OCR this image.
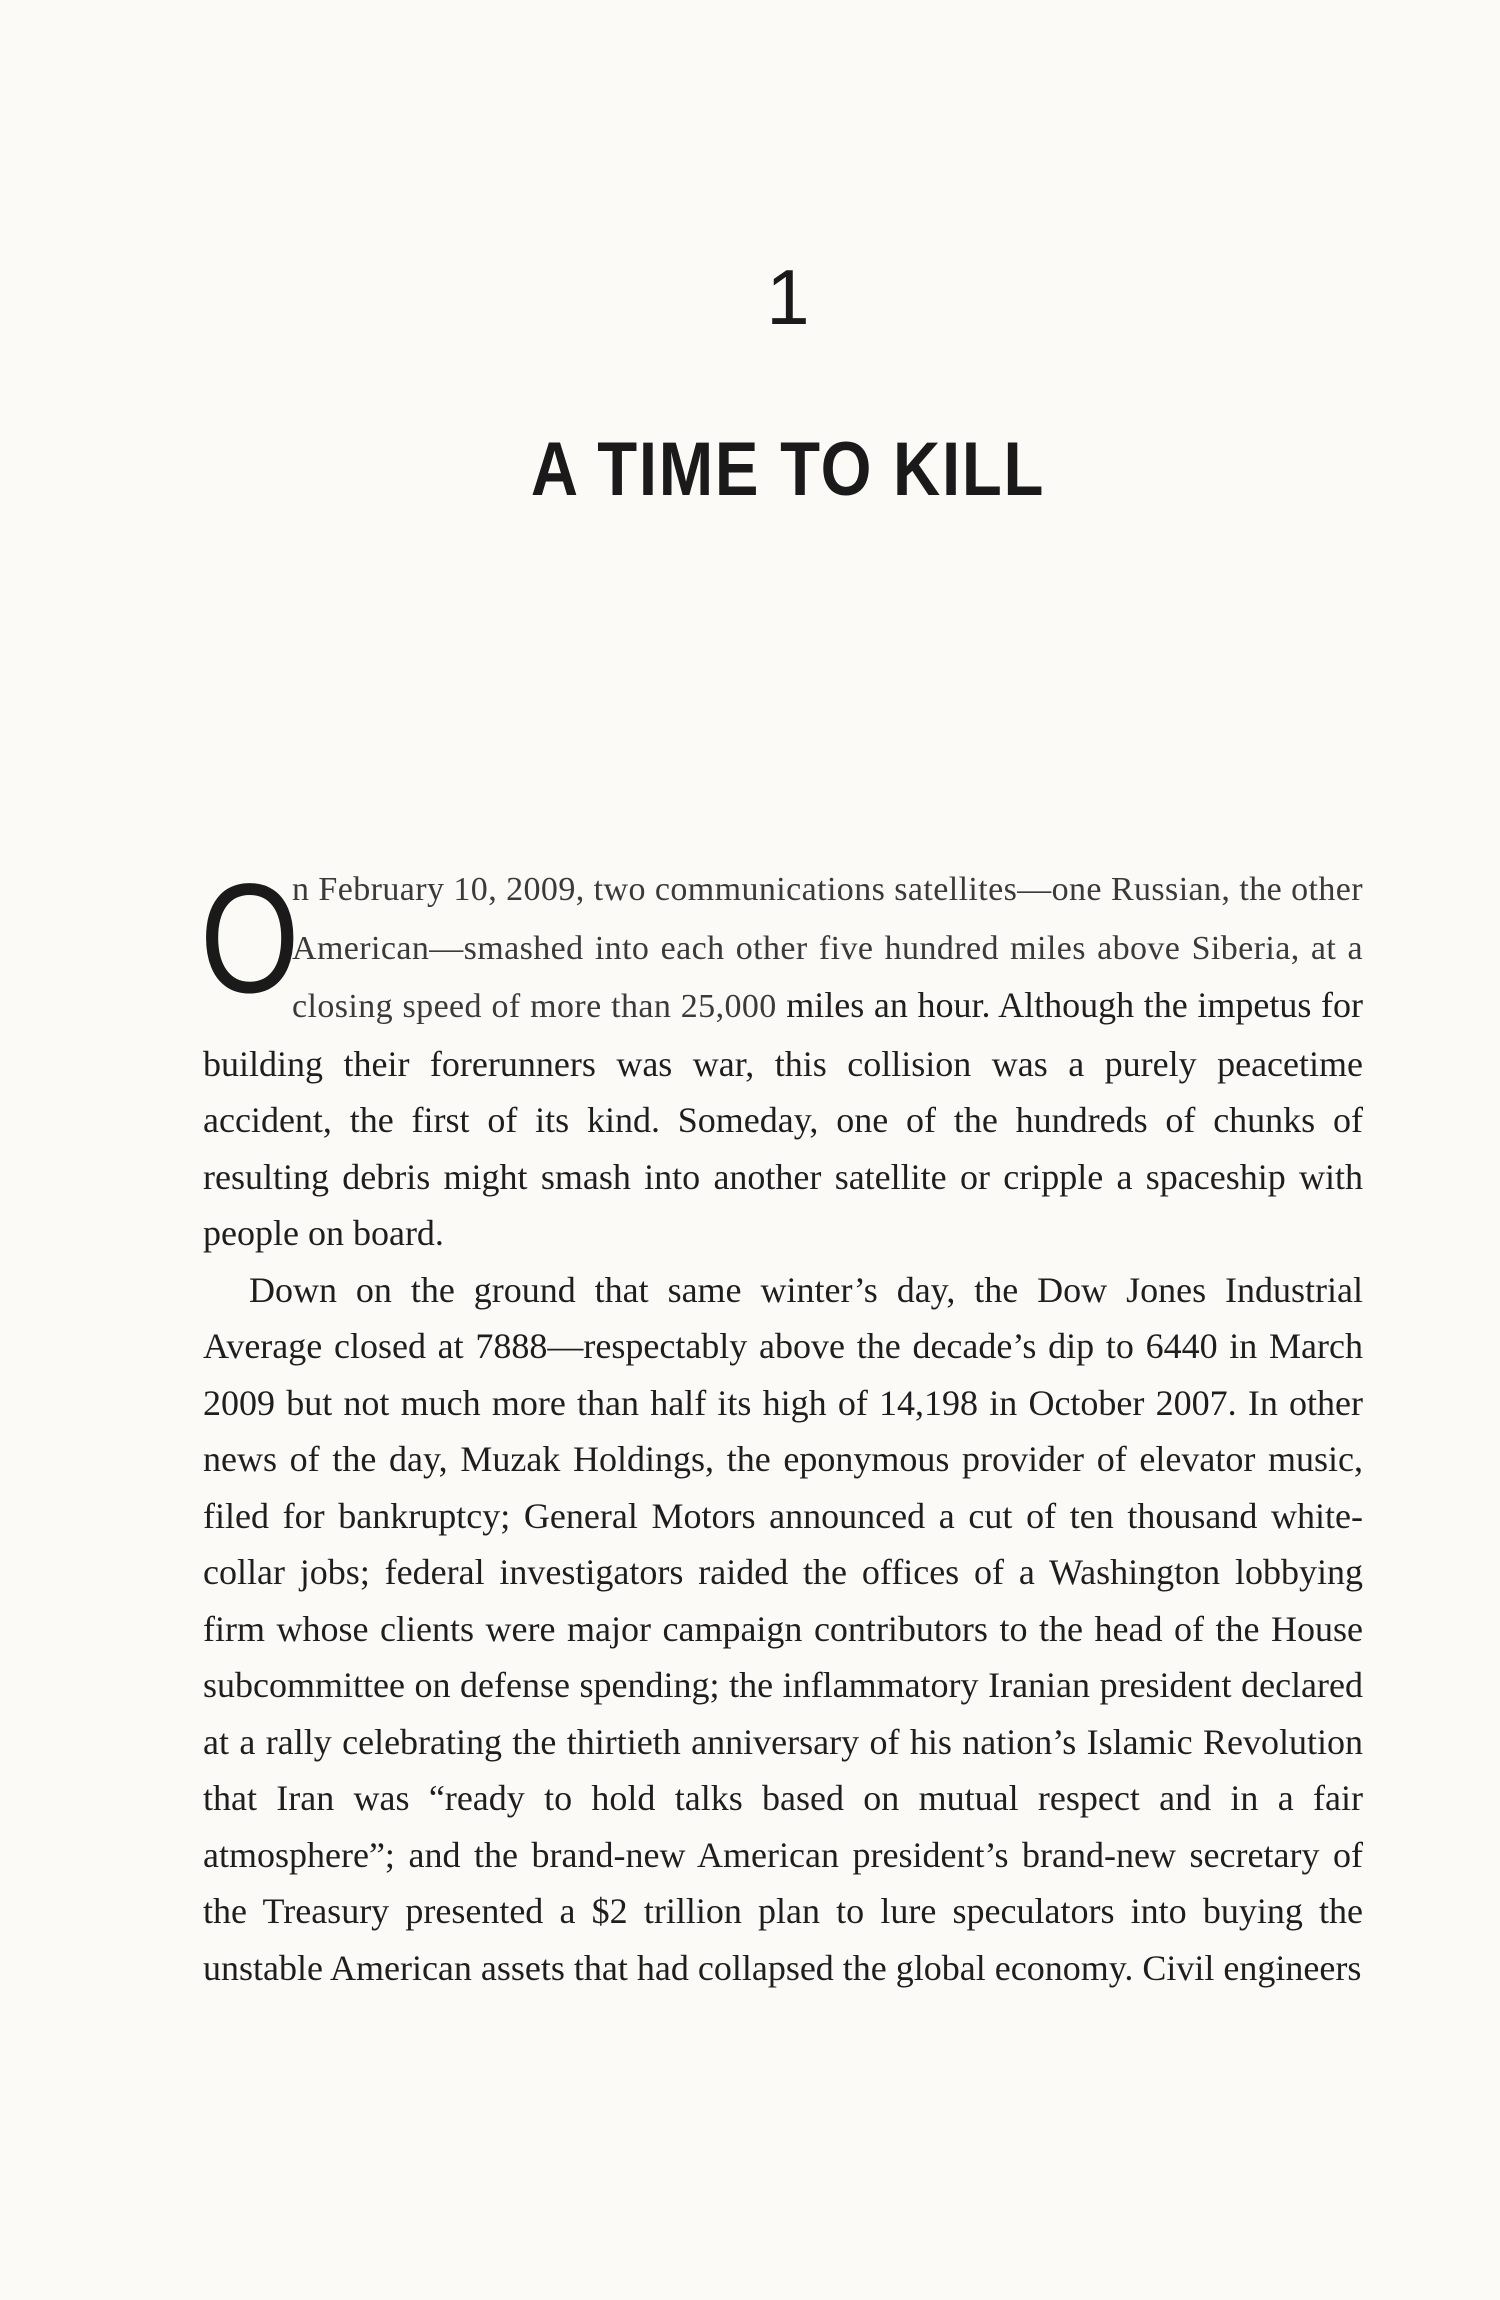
1
A TIME TO KILL

O
n February 10, 2009, two communications satellites—one Russian, the other American—smashed into each other five hundred miles above Siberia, at a closing speed of more than 25,000 miles an hour. Although the impetus for building their forerunners was war, this collision was a purely peacetime accident, the first of its kind. Someday, one of the hundreds of chunks of resulting debris might smash into another satellite or cripple a spaceship with people on board.

Down on the ground that same winter’s day, the Dow Jones Industrial Average closed at 7888—respectably above the decade’s dip to 6440 in March 2009 but not much more than half its high of 14,198 in October 2007. In other news of the day, Muzak Holdings, the eponymous provider of elevator music, filed for bankruptcy; General Motors announced a cut of ten thousand white-collar jobs; federal investigators raided the offices of a Washington lobbying firm whose clients were major campaign contributors to the head of the House subcommittee on defense spending; the inflammatory Iranian president declared at a rally celebrating the thirtieth anniversary of his nation’s Islamic Revolution that Iran was “ready to hold talks based on mutual respect and in a fair atmosphere”; and the brand-new American president’s brand-new secretary of the Treasury presented a $2 trillion plan to lure speculators into buying the unstable American assets that had collapsed the global economy. Civil engineers
